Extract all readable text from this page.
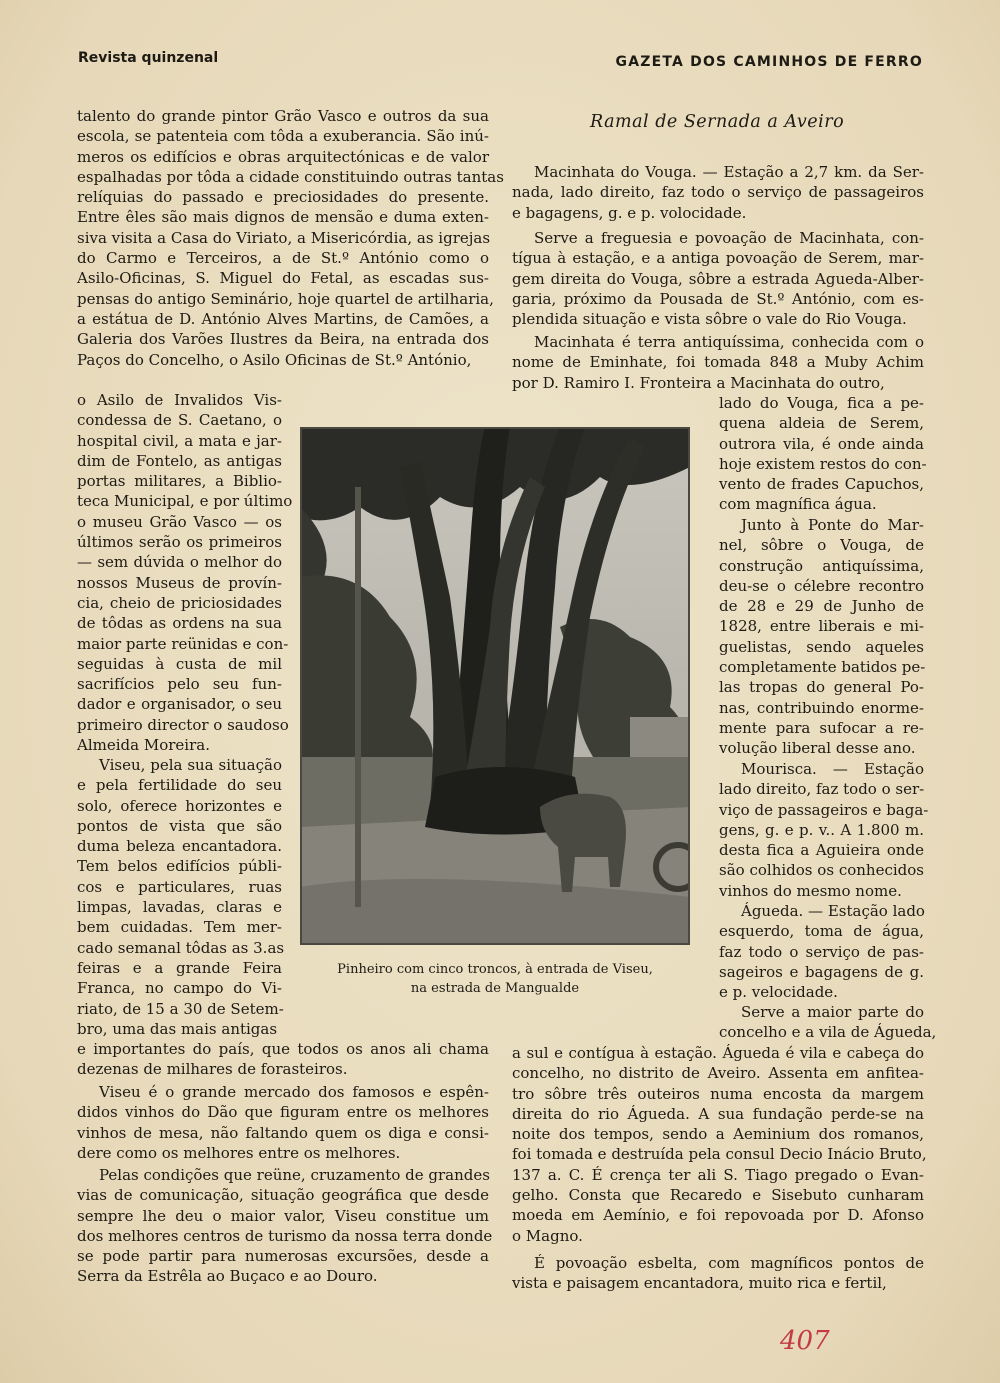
Revista quinzenal	GAZETA DOS CAMINHOS DE FERRO
talento do grande pintor Grão Vasco e outros da sua
escola, se patenteia com tôda a exuberancia. São inú-
meros os edifícios e obras arquitectónicas e de valor
espalhadas por tôda a cidade constituindo outras tantas
relíquias do passado e preciosidades do presente.
Entre êles são mais dignos de mensão e duma exten-
siva visita a Casa do Viriato, a Misericórdia, as igrejas
do Carmo e Terceiros, a de St.º António como o
Asilo-Oficinas, S. Miguel do Fetal, as escadas sus-
pensas do antigo Seminário, hoje quartel de artilharia,
a estátua de D. António Alves Martins, de Camões, a
Galeria dos Varões Ilustres da Beira, na entrada dos
Paços do Concelho, o Asilo Oficinas de St.º António,
o Asilo de Invalidos Vis-
condessa de S. Caetano, o
hospital civil, a mata e jar-
dim de Fontelo, as antigas
portas militares, a Biblio-
teca Municipal, e por último
o museu Grão Vasco — os
últimos serão os primeiros
— sem dúvida o melhor do
nossos Museus de provín-
cia, cheio de priciosidades
de tôdas as ordens na sua
maior parte reünidas e con-
seguidas à custa de mil
sacrifícios pelo seu fun-
dador e organisador, o seu
primeiro director o saudoso
Almeida Moreira.
Viseu, pela sua situação
e pela fertilidade do seu
solo, oferece horizontes e
pontos de vista que são
duma beleza encantadora.
Tem belos edifícios públi-
cos e particulares, ruas
limpas, lavadas, claras e
bem cuidadas. Tem mer-
cado semanal tôdas as 3.as
feiras e a grande Feira
Franca, no campo do Vi-
riato, de 15 a 30 de Setem-
bro, uma das mais antigas
e importantes do país, que todos os anos ali chama
dezenas de milhares de forasteiros.
Viseu é o grande mercado dos famosos e espên-
didos vinhos do Dão que figuram entre os melhores
vinhos de mesa, não faltando quem os diga e consi-
dere como os melhores entre os melhores.
Pelas condições que reüne, cruzamento de grandes
vias de comunicação, situação geográfica que desde
sempre lhe deu o maior valor, Viseu constitue um
dos melhores centros de turismo da nossa terra donde
se pode partir para numerosas excursões, desde a
Serra da Estrêla ao Buçaco e ao Douro.
Ramal de Sernada a Aveiro
Macinhata do Vouga. — Estação a 2,7 km. da Ser-
nada, lado direito, faz todo o serviço de passageiros
e bagagens, g. e p. volocidade.
Serve a freguesia e povoação de Macinhata, con-
tígua à estação, e a antiga povoação de Serem, mar-
gem direita do Vouga, sôbre a estrada Agueda-Alber-
garia, próximo da Pousada de St.º António, com es-
plendida situação e vista sôbre o vale do Rio Vouga.
Macinhata é terra antiquíssima, conhecida com o
nome de Eminhate, foi tomada 848 a Muby Achim
por D. Ramiro I. Fronteira a Macinhata do outro,
lado do Vouga, fica a pe-
quena aldeia de Serem,
outrora vila, é onde ainda
hoje existem restos do con-
vento de frades Capuchos,
com magnífica água.
Junto à Ponte do Mar-
nel, sôbre o Vouga, de
construção antiquíssima,
deu-se o célebre recontro
de 28 e 29 de Junho de
1828, entre liberais e mi-
guelistas, sendo aqueles
completamente batidos pe-
las tropas do general Po-
nas, contribuindo enorme-
mente para sufocar a re-
volução liberal desse ano.
Mourisca. — Estação
lado direito, faz todo o ser-
viço de passageiros e baga-
gens, g. e p. v.. A 1.800 m.
desta fica a Aguieira onde
são colhidos os conhecidos
vinhos do mesmo nome.
Águeda. — Estação lado
esquerdo, toma de água,
faz todo o serviço de pas-
sageiros e bagagens de g.
e p. velocidade.
Serve a maior parte do
concelho e a vila de Águeda,
a sul e contígua à estação. Águeda é vila e cabeça do
concelho, no distrito de Aveiro. Assenta em anfitea-
tro sôbre três outeiros numa encosta da margem
direita do rio Águeda. A sua fundação perde-se na
noite dos tempos, sendo a Aeminium dos romanos,
foi tomada e destruída pela consul Decio Inácio Bruto,
137 a. C. É crença ter ali S. Tiago pregado o Evan-
gelho. Consta que Recaredo e Sisebuto cunharam
moeda em Aemínio, e foi repovoada por D. Afonso
o Magno.
É povoação esbelta, com magníficos pontos de
vista e paisagem encantadora, muito rica e fertil,
Pinheiro com cinco troncos, à entrada de Viseu,
na estrada de Mangualde
407
